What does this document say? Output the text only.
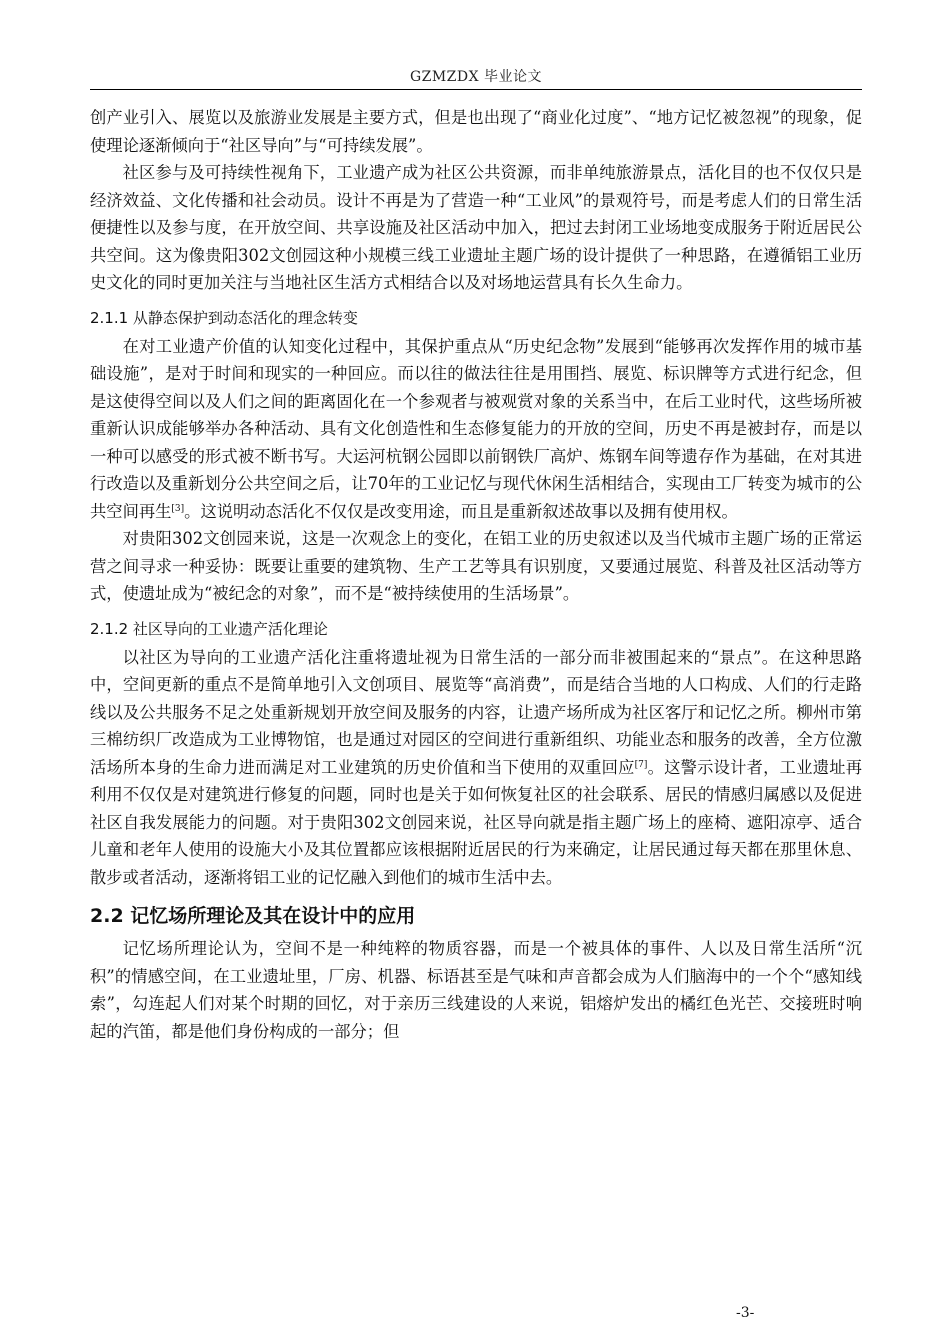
GZMZDX 毕业论文

创产业引入、展览以及旅游业发展是主要方式，但是也出现了“商业化过度”、“地方记忆被忽视”的现象，促使理论逐渐倾向于“社区导向”与“可持续发展”。

社区参与及可持续性视角下，工业遗产成为社区公共资源，而非单纯旅游景点，活化目的也不仅仅只是经济效益、文化传播和社会动员。设计不再是为了营造一种“工业风”的景观符号，而是考虑人们的日常生活便捷性以及参与度，在开放空间、共享设施及社区活动中加入，把过去封闭工业场地变成服务于附近居民公共空间。这为像贵阳302文创园这种小规模三线工业遗址主题广场的设计提供了一种思路，在遵循铝工业历史文化的同时更加关注与当地社区生活方式相结合以及对场地运营具有长久生命力。

2.1.1 从静态保护到动态活化的理念转变

在对工业遗产价值的认知变化过程中，其保护重点从“历史纪念物”发展到“能够再次发挥作用的城市基础设施”，是对于时间和现实的一种回应。而以往的做法往往是用围挡、展览、标识牌等方式进行纪念，但是这使得空间以及人们之间的距离固化在一个参观者与被观赏对象的关系当中，在后工业时代，这些场所被重新认识成能够举办各种活动、具有文化创造性和生态修复能力的开放的空间，历史不再是被封存，而是以一种可以感受的形式被不断书写。大运河杭钢公园即以前钢铁厂高炉、炼钢车间等遗存作为基础，在对其进行改造以及重新划分公共空间之后，让70年的工业记忆与现代休闲生活相结合，实现由工厂转变为城市的公共空间再生[3]。这说明动态活化不仅仅是改变用途，而且是重新叙述故事以及拥有使用权。

对贵阳302文创园来说，这是一次观念上的变化，在铝工业的历史叙述以及当代城市主题广场的正常运营之间寻求一种妥协：既要让重要的建筑物、生产工艺等具有识别度，又要通过展览、科普及社区活动等方式，使遗址成为“被纪念的对象”，而不是“被持续使用的生活场景”。

2.1.2 社区导向的工业遗产活化理论

以社区为导向的工业遗产活化注重将遗址视为日常生活的一部分而非被围起来的“景点”。在这种思路中，空间更新的重点不是简单地引入文创项目、展览等“高消费”，而是结合当地的人口构成、人们的行走路线以及公共服务不足之处重新规划开放空间及服务的内容，让遗产场所成为社区客厅和记忆之所。柳州市第三棉纺织厂改造成为工业博物馆，也是通过对园区的空间进行重新组织、功能业态和服务的改善，全方位激活场所本身的生命力进而满足对工业建筑的历史价值和当下使用的双重回应[7]。这警示设计者，工业遗址再利用不仅仅是对建筑进行修复的问题，同时也是关于如何恢复社区的社会联系、居民的情感归属感以及促进社区自我发展能力的问题。对于贵阳302文创园来说，社区导向就是指主题广场上的座椅、遮阳凉亭、适合儿童和老年人使用的设施大小及其位置都应该根据附近居民的行为来确定，让居民通过每天都在那里休息、散步或者活动，逐渐将铝工业的记忆融入到他们的城市生活中去。

2.2 记忆场所理论及其在设计中的应用

记忆场所理论认为，空间不是一种纯粹的物质容器，而是一个被具体的事件、人以及日常生活所“沉积”的情感空间，在工业遗址里，厂房、机器、标语甚至是气味和声音都会成为人们脑海中的一个个“感知线索”，勾连起人们对某个时期的回忆，对于亲历三线建设的人来说，铝熔炉发出的橘红色光芒、交接班时响起的汽笛，都是他们身份构成的一部分；但

-3-
